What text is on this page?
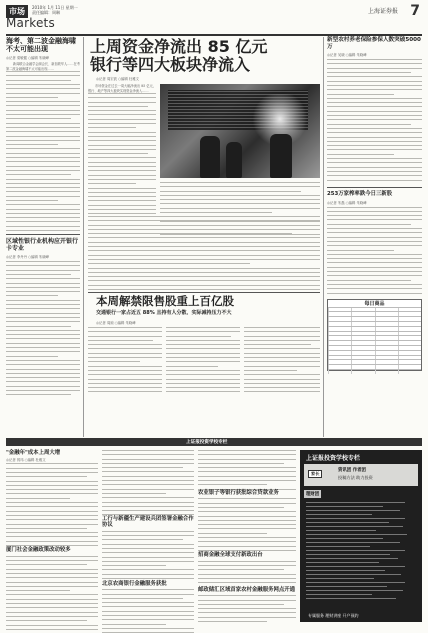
市场	2010年 1月 11日 星期一
责任编辑：周琳
Markets
上海证券报 7
海考、第二波金融海啸不太可能出现
◎记者 梁敏健 ○编辑 朱晓峰

新闻联合金融学会副会长、新加坡华人……在考第二波金融海啸不太可能出现……

区域性银行业机构应开银行卡专业
◎记者 李丹丹 ○编辑 朱晓峰
上周资金净流出 85 亿元
银行等四大板块净流入
◎记者 周宏波 ○编辑 杜雅文

市场资金在过去一周大幅净流出 85 亿元，银行、地产等四大板块实现资金净流入……

本周解禁限售股重上百亿股
交通银行一家占近五 88% 且持有人分散、实际减持压力不大
◎记者 周琼 ○编辑 朱晓峰
新型农村养老保险参保人数突破5000万
◎记者 吴晓 ○编辑 朱晓峰
253万家榨率跌今日三新股
◎记者 朱磊 ○编辑 朱晓峰
每日商品
上证报投资学校专栏
"金融年"成本上周大增
◎记者 郭玮 ○编辑 杜雅文
厦门社会金融政策改动较多
工行与新疆生产建设兵团签署金融合作协议
北京农商银行金融服务获批
农业银子等银行获批综合贷款业务
招商金融全球支付新政出台
邮政储汇区域首家农村金融服务网点开通
上证报投资学校专栏
家长
资讯团 作者团
投稿方法 助力投资
理财团
专属服务 理财讲座 开户预约
